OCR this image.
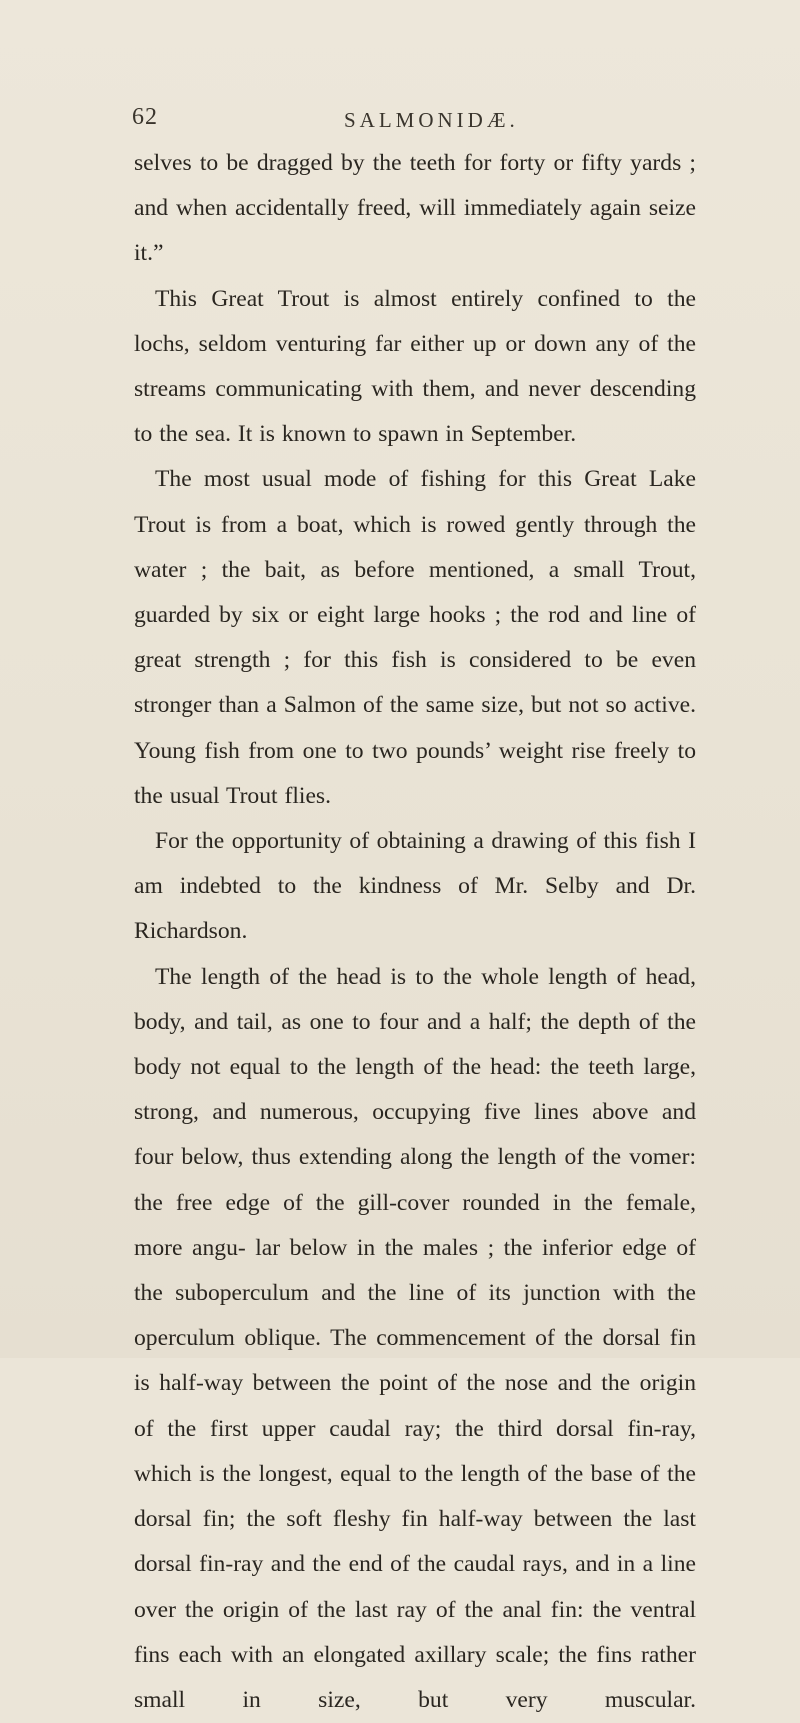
62	SALMONIDÆ.

selves to be dragged by the teeth for forty or fifty yards ; and when accidentally freed, will immediately again seize it.”

This Great Trout is almost entirely confined to the lochs, seldom venturing far either up or down any of the streams communicating with them, and never descending to the sea. It is known to spawn in September.

The most usual mode of fishing for this Great Lake Trout is from a boat, which is rowed gently through the water ; the bait, as before mentioned, a small Trout, guarded by six or eight large hooks ; the rod and line of great strength ; for this fish is considered to be even stronger than a Salmon of the same size, but not so active. Young fish from one to two pounds’ weight rise freely to the usual Trout flies.

For the opportunity of obtaining a drawing of this fish I am indebted to the kindness of Mr. Selby and Dr. Richardson.

The length of the head is to the whole length of head, body, and tail, as one to four and a half; the depth of the body not equal to the length of the head: the teeth large, strong, and numerous, occupying five lines above and four below, thus extending along the length of the vomer: the free edge of the gill-cover rounded in the female, more angu- lar below in the males ; the inferior edge of the suboperculum and the line of its junction with the operculum oblique. The commencement of the dorsal fin is half-way between the point of the nose and the origin of the first upper caudal ray; the third dorsal fin-ray, which is the longest, equal to the length of the base of the dorsal fin; the soft fleshy fin half-way between the last dorsal fin-ray and the end of the caudal rays, and in a line over the origin of the last ray of the anal fin: the ventral fins each with an elongated axillary scale; the fins rather small in size, but very muscular.
